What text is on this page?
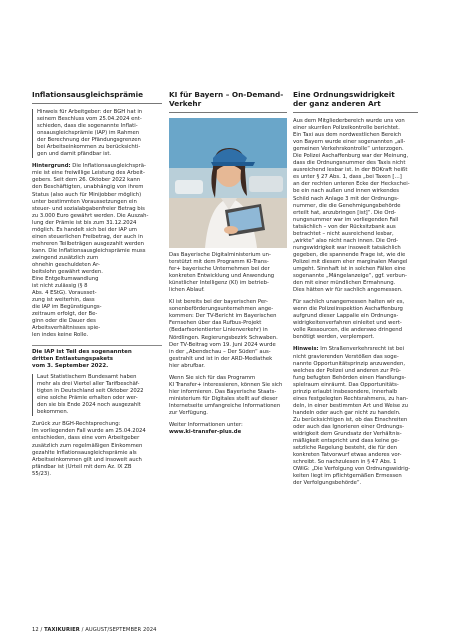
Inflationsausgleichsprämie
Hinweis für Arbeitgeber: der BGH hat in
seinem Beschluss vom 25.04.2024 ent-
schieden, dass die sogenannte Inflati-
onsausgleichsprämie (IAP) im Rahmen
der Berechnung der Pfändungsgrenzen
bei Arbeitseinkommen zu berücksichti-
gen und damit pfändbar ist.
Hintergrund: Die Inflationsausgleichsprä-
mie ist eine freiwillige Leistung des Arbeit-
gebers. Seit dem 26. Oktober 2022 kann
den Beschäftigten, unabhängig von ihrem
Status (also auch für Minijobber möglich)
unter bestimmten Voraussetzungen ein
steuer- und sozialabgabenfreier Betrag bis
zu 3.000 Euro gewährt werden. Die Auszah-
lung der Prämie ist bis zum 31.12.2024
möglich. Es handelt sich bei der IAP um
einen steuerlichen Freibetrag, der auch in
mehreren Teilbeträgen ausgezahlt werden
kann. Die Inflationsausgleichsprämie muss
zwingend zusätzlich zum
ohnehin geschuldeten Ar-
beitslohn gewährt werden.
Eine Entgeltumwandlung
ist nicht zulässig (§ 8
Abs. 4 EStG). Vorausset-
zung ist weiterhin, dass
die IAP im Begünstigungs-
zeitraum erfolgt, der Be-
ginn oder die Dauer des
Arbeitsverhältnisses spie-
len indes keine Rolle.
Die IAP ist Teil des sogenannten
dritten Entlastungspakets
vom 3. September 2022.
Laut Statistischem Bundesamt haben
mehr als drei Viertel aller Tarifbeschäf-
tigten in Deutschland seit Oktober 2022
eine solche Prämie erhalten oder wer-
den sie bis Ende 2024 noch ausgezahlt
bekommen.
Zurück zur BGH-Rechtsprechung:
Im vorliegenden Fall wurde am 25.04.2024
entschieden, dass eine vom Arbeitgeber
zusätzlich zum regelmäßigen Einkommen
gezahlte Inflationsausgleichsprämie als
Arbeitseinkommen gilt und insoweit auch
pfändbar ist (Urteil mit dem Az. IX ZB
55/23).
KI für Bayern – On-Demand-Verkehr
Das Bayerische Digitalministerium un-
terstützt mit dem Programm KI-Trans-
fer+ bayerische Unternehmen bei der
konkreten Entwicklung und Anwendung
künstlicher Intelligenz (KI) im betrieb-
lichen Ablauf.
KI ist bereits bei der bayerischen Per-
sonenbeförderungsunternehmen ange-
kommen: Der TV-Bericht im Bayerischen
Fernsehen über das Rufbus-Projekt
(Bedarfsorientierter Linienverkehr) in
Nördlingen. Regierungsbezirk Schwaben.
Der TV-Beitrag vom 19. Juni 2024 wurde
in der „Abendschau – Der Süden“ aus-
gestrahlt und ist in der ARD-Mediathek
hier abrufbar.
Wenn Sie sich für das Programm
KI Transfer+ interessieren, können Sie sich
hier informieren. Das Bayerische Staats-
ministerium für Digitales stellt auf dieser
Internetseite umfangreiche Informationen
zur Verfügung.
Weiter Informationen unter:
www.ki-transfer-plus.de
Eine Ordnungswidrigkeit
der ganz anderen Art
Aus dem Mitgliederbereich wurde uns von
einer skurrilen Polizeikontrolle berichtet.
Ein Taxi aus dem nordwestlichen Bereich
von Bayern wurde einer sogenannten „all-
gemeinen Verkehrskontrolle“ unterzogen.
Die Polizei Aschaffenburg war der Meinung,
dass die Ordnungsnummer des Taxis nicht
ausreichend lesbar ist. In der BOKraft heißt
es unter § 27 Abs. 1, dass „bei Taxen […]
an der rechten unteren Ecke der Heckschei-
be ein nach außen und innen wirkendes
Schild nach Anlage 3 mit der Ordnungs-
nummer, die die Genehmigungsbehörde
erteilt hat, anzubringen [ist]“. Die Ord-
nungsnummer war im vorliegenden Fall
tatsächlich – von der Rücksitzbank aus
betrachtet – nicht ausreichend lesbar,
„wirkte“ also nicht nach innen. Die Ord-
nungswidrigkeit war insoweit tatsächlich
gegeben, die spannende Frage ist, wie die
Polizei mit diesem eher marginalen Mangel
umgeht. Sinnhaft ist in solchen Fällen eine
sogenannte „Mängelanzeige“, ggf. verbun-
den mit einer mündlichen Ermahnung.
Dies hätten wir für sachlich angemessen.
Für sachlich unangemessen halten wir es,
wenn die Polizeiinspektion Aschaffenburg
aufgrund dieser Lappalie ein Ordnungs-
widrigkeitenverfahren einleitet und wert-
volle Ressourcen, die anderswo dringend
benötigt werden, verplempert.
Hinweis: Im Straßenverkehrsrecht ist bei
nicht gravierenden Verstößen das soge-
nannte Opportunitätsprinzip anzuwenden,
welches der Polizei und anderen zur Prü-
fung befugten Behörden einen Handlungs-
spielraum einräumt. Das Opportunitäts-
prinzip erlaubt insbesondere, innerhalb
eines festgelegten Rechtsrahmens, zu han-
deln, in einer bestimmten Art und Weise zu
handeln oder auch gar nicht zu handeln.
Zu berücksichtigen ist, ob das Einschreiten
oder auch das Ignorieren einer Ordnungs-
widrigkeit dem Grundsatz der Verhältnis-
mäßigkeit entspricht und dass keine ge-
setzliche Regelung besteht, die für den
konkreten Tatvorwurf etwas anderes vor-
schreibt. So nachzulesen in § 47 Abs. 1
OWiG: „Die Verfolgung von Ordnungswidrig-
keiten liegt im pflichtgemäßen Ermessen
der Verfolgungsbehörde“.
12 / TAXIKURIER / AUGUST/SEPTEMBER 2024
